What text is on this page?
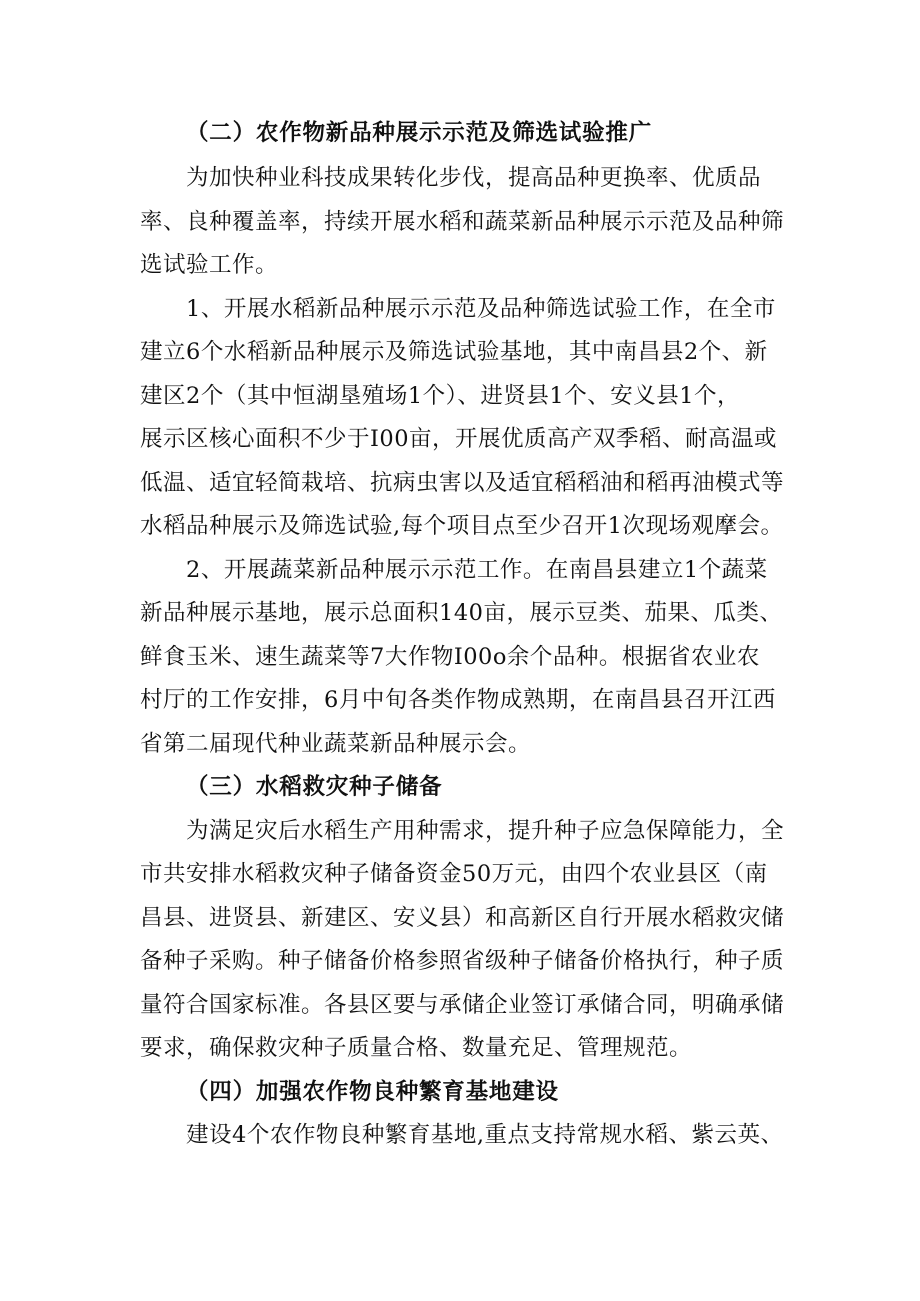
（二）农作物新品种展示示范及筛选试验推广
为加快种业科技成果转化步伐，提高品种更换率、优质品
率、良种覆盖率，持续开展水稻和蔬菜新品种展示示范及品种筛
选试验工作。
1、开展水稻新品种展示示范及品种筛选试验工作，在全市
建立6个水稻新品种展示及筛选试验基地，其中南昌县2个、新
建区2个（其中恒湖垦殖场1个）、进贤县1个、安义县1个，
展示区核心面积不少于I00亩，开展优质高产双季稻、耐高温或
低温、适宜轻简栽培、抗病虫害以及适宜稻稻油和稻再油模式等
水稻品种展示及筛选试验,每个项目点至少召开1次现场观摩会。
2、开展蔬菜新品种展示示范工作。在南昌县建立1个蔬菜
新品种展示基地，展示总面积140亩，展示豆类、茄果、瓜类、
鲜食玉米、速生蔬菜等7大作物I00o余个品种。根据省农业农
村厅的工作安排，6月中旬各类作物成熟期，在南昌县召开江西
省第二届现代种业蔬菜新品种展示会。
（三）水稻救灾种子储备
为满足灾后水稻生产用种需求，提升种子应急保障能力，全
市共安排水稻救灾种子储备资金50万元，由四个农业县区（南
昌县、进贤县、新建区、安义县）和高新区自行开展水稻救灾储
备种子采购。种子储备价格参照省级种子储备价格执行，种子质
量符合国家标准。各县区要与承储企业签订承储合同，明确承储
要求，确保救灾种子质量合格、数量充足、管理规范。
（四）加强农作物良种繁育基地建设
建设4个农作物良种繁育基地,重点支持常规水稻、紫云英、
